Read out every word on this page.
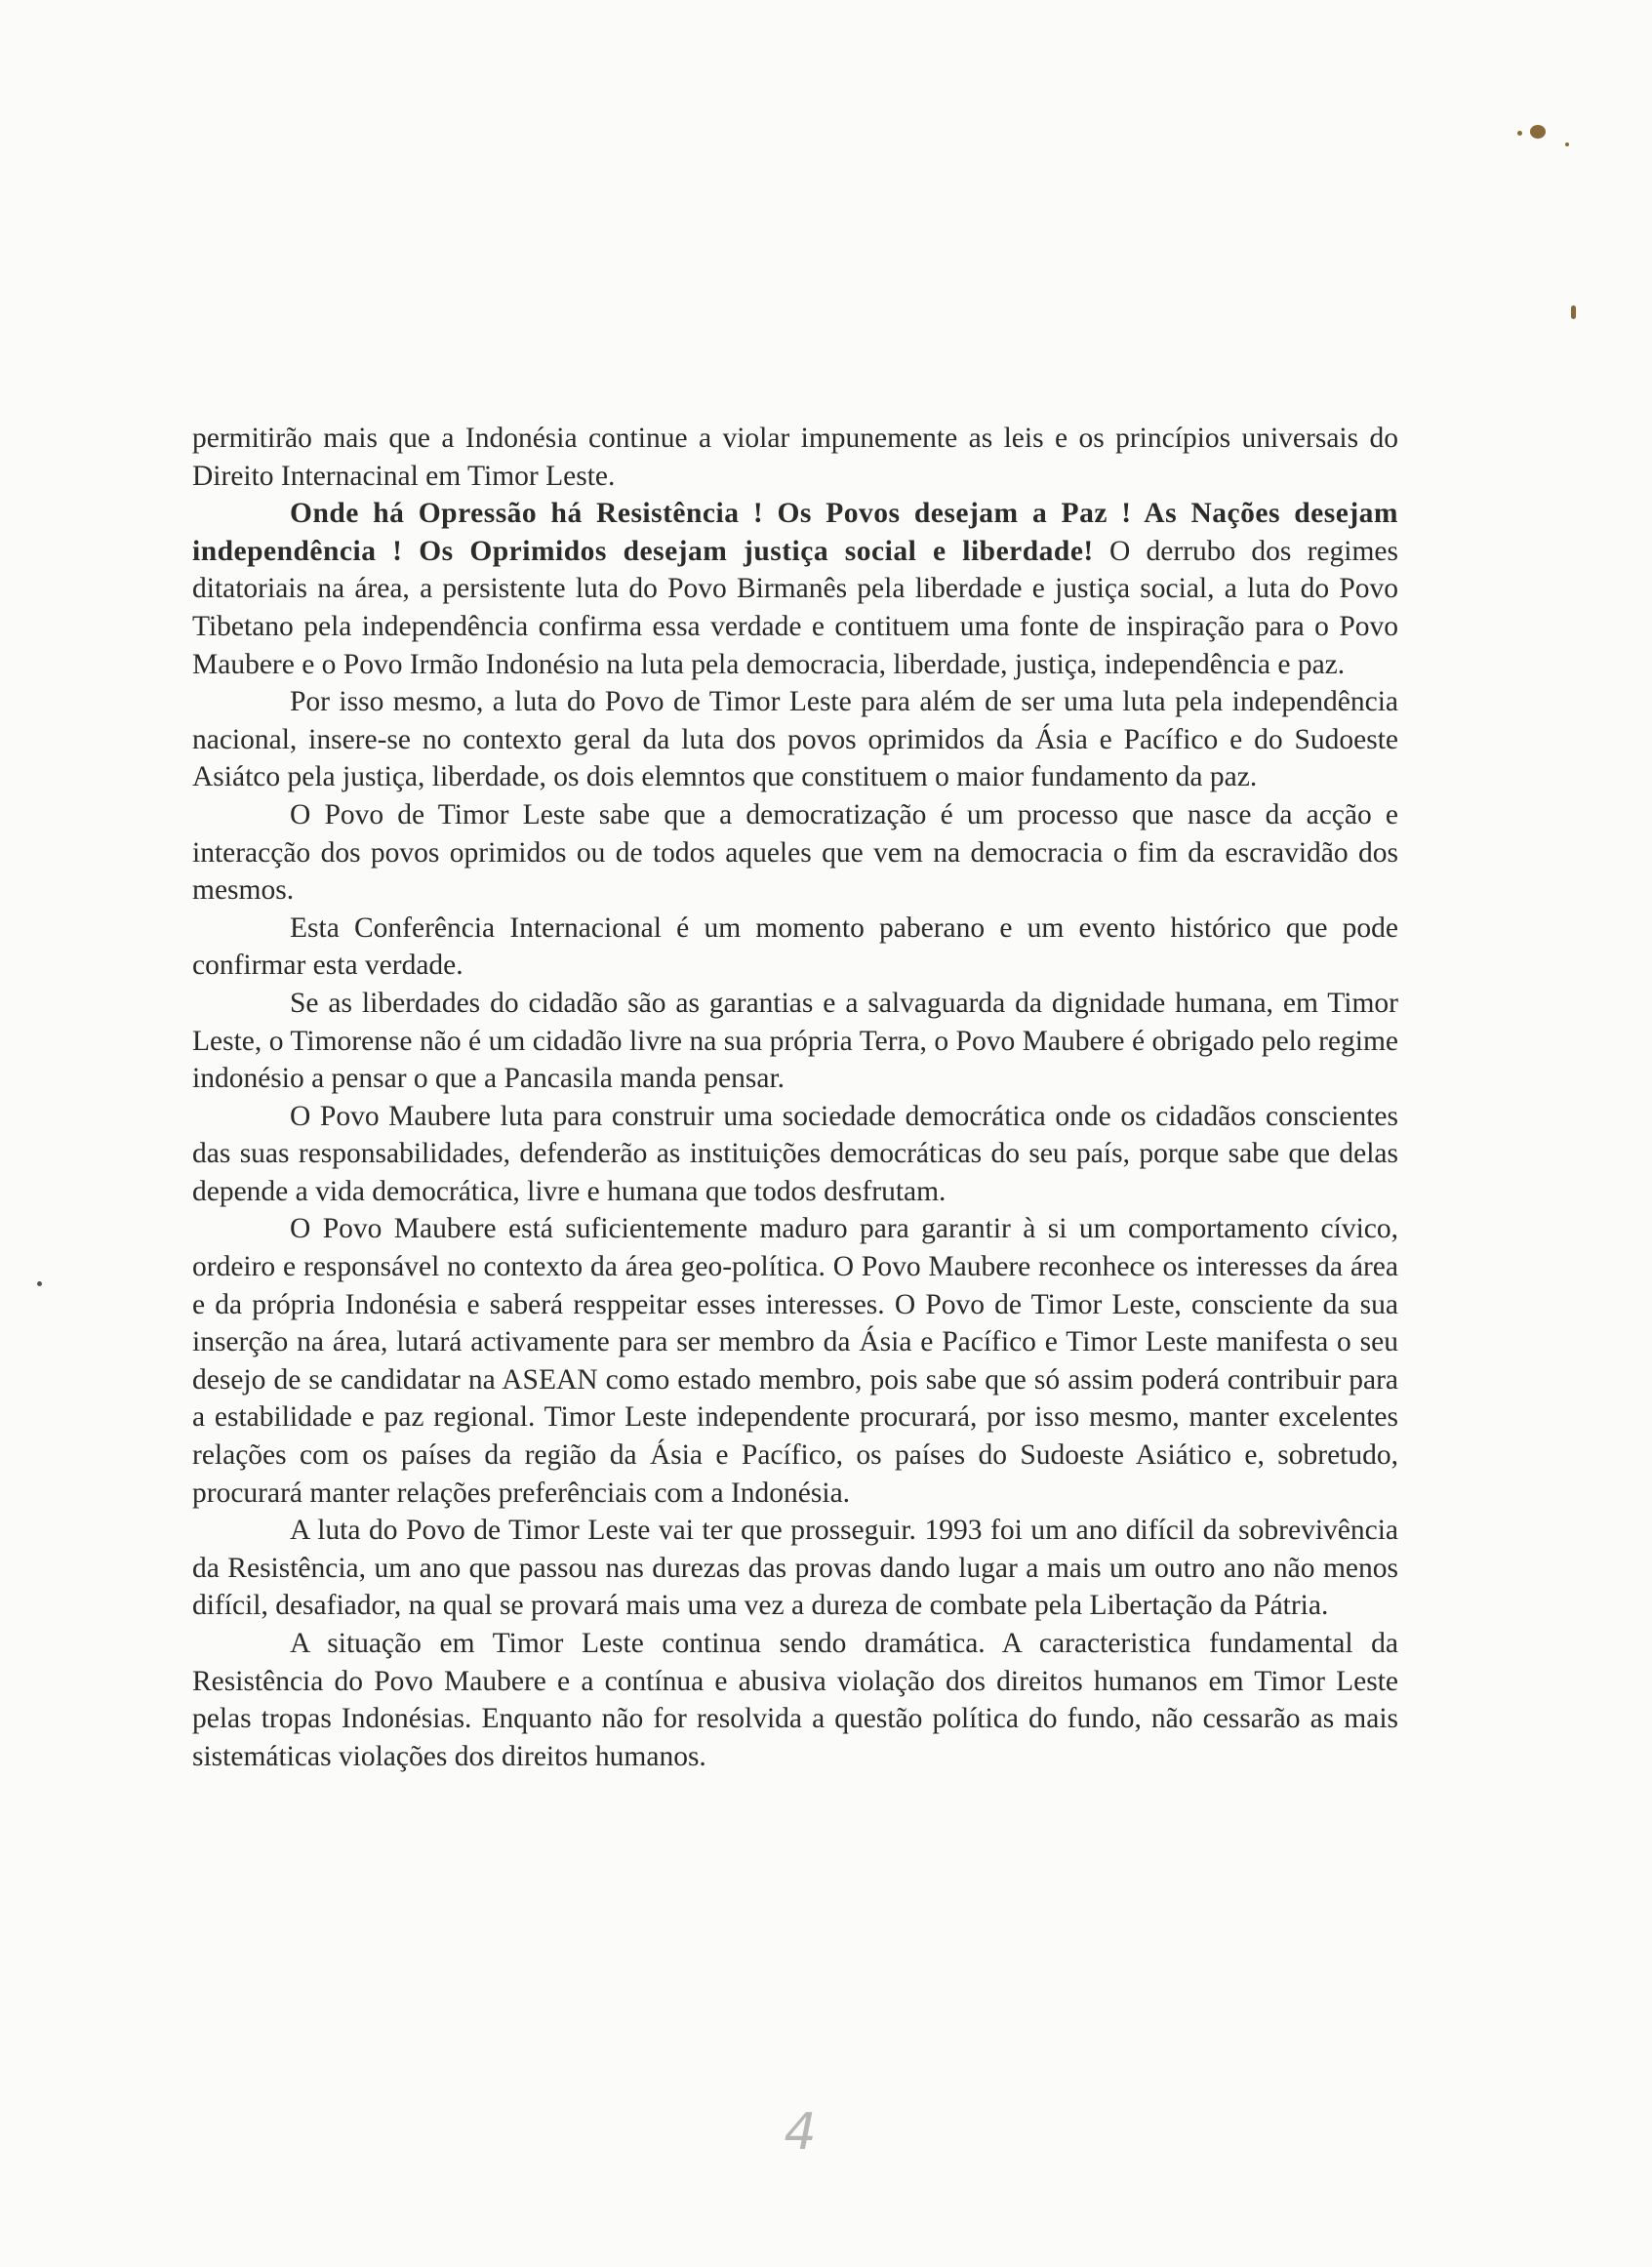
permitirão mais que a Indonésia continue a violar impunemente as leis e os princípios universais do Direito Internacinal em Timor Leste.

Onde há Opressão há Resistência ! Os Povos desejam a Paz ! As Nações desejam independência ! Os Oprimidos desejam justiça social e liberdade! O derrubo dos regimes ditatoriais na área, a persistente luta do Povo Birmanês pela liberdade e justiça social, a luta do Povo Tibetano pela independência confirma essa verdade e contituem uma fonte de inspiração para o Povo Maubere e o Povo Irmão Indonésio na luta pela democracia, liberdade, justiça, independência e paz.

Por isso mesmo, a luta do Povo de Timor Leste para além de ser uma luta pela independência nacional, insere-se no contexto geral da luta dos povos oprimidos da Ásia e Pacífico e do Sudoeste Asiátco pela justiça, liberdade, os dois elemntos que constituem o maior fundamento da paz.

O Povo de Timor Leste sabe que a democratização é um processo que nasce da acção e interacção dos povos oprimidos ou de todos aqueles que vem na democracia o fim da escravidão dos mesmos.

Esta Conferência Internacional é um momento paberano e um evento histórico que pode confirmar esta verdade.

Se as liberdades do cidadão são as garantias e a salvaguarda da dignidade humana, em Timor Leste, o Timorense não é um cidadão livre na sua própria Terra, o Povo Maubere é obrigado pelo regime indonésio a pensar o que a Pancasila manda pensar.

O Povo Maubere luta para construir uma sociedade democrática onde os cidadãos conscientes das suas responsabilidades, defenderão as instituições democráticas do seu país, porque sabe que delas depende a vida democrática, livre e humana que todos desfrutam.

O Povo Maubere está suficientemente maduro para garantir à si um comportamento cívico, ordeiro e responsável no contexto da área geo-política. O Povo Maubere reconhece os interesses da área e da própria Indonésia e saberá resppeitar esses interesses. O Povo de Timor Leste, consciente da sua inserção na área, lutará activamente para ser membro da Ásia e Pacífico e Timor Leste manifesta o seu desejo de se candidatar na ASEAN como estado membro, pois sabe que só assim poderá contribuir para a estabilidade e paz regional. Timor Leste independente procurará, por isso mesmo, manter excelentes relações com os países da região da Ásia e Pacífico, os países do Sudoeste Asiático e, sobretudo, procurará manter relações preferênciais com a Indonésia.

A luta do Povo de Timor Leste vai ter que prosseguir. 1993 foi um ano difícil da sobrevivência da Resistência, um ano que passou nas durezas das provas dando lugar a mais um outro ano não menos difícil, desafiador, na qual se provará mais uma vez a dureza de combate pela Libertação da Pátria.

A situação em Timor Leste continua sendo dramática. A caracteristica fundamental da Resistência do Povo Maubere e a contínua e abusiva violação dos direitos humanos em Timor Leste pelas tropas Indonésias. Enquanto não for resolvida a questão política do fundo, não cessarão as mais sistemáticas violações dos direitos humanos.

4
